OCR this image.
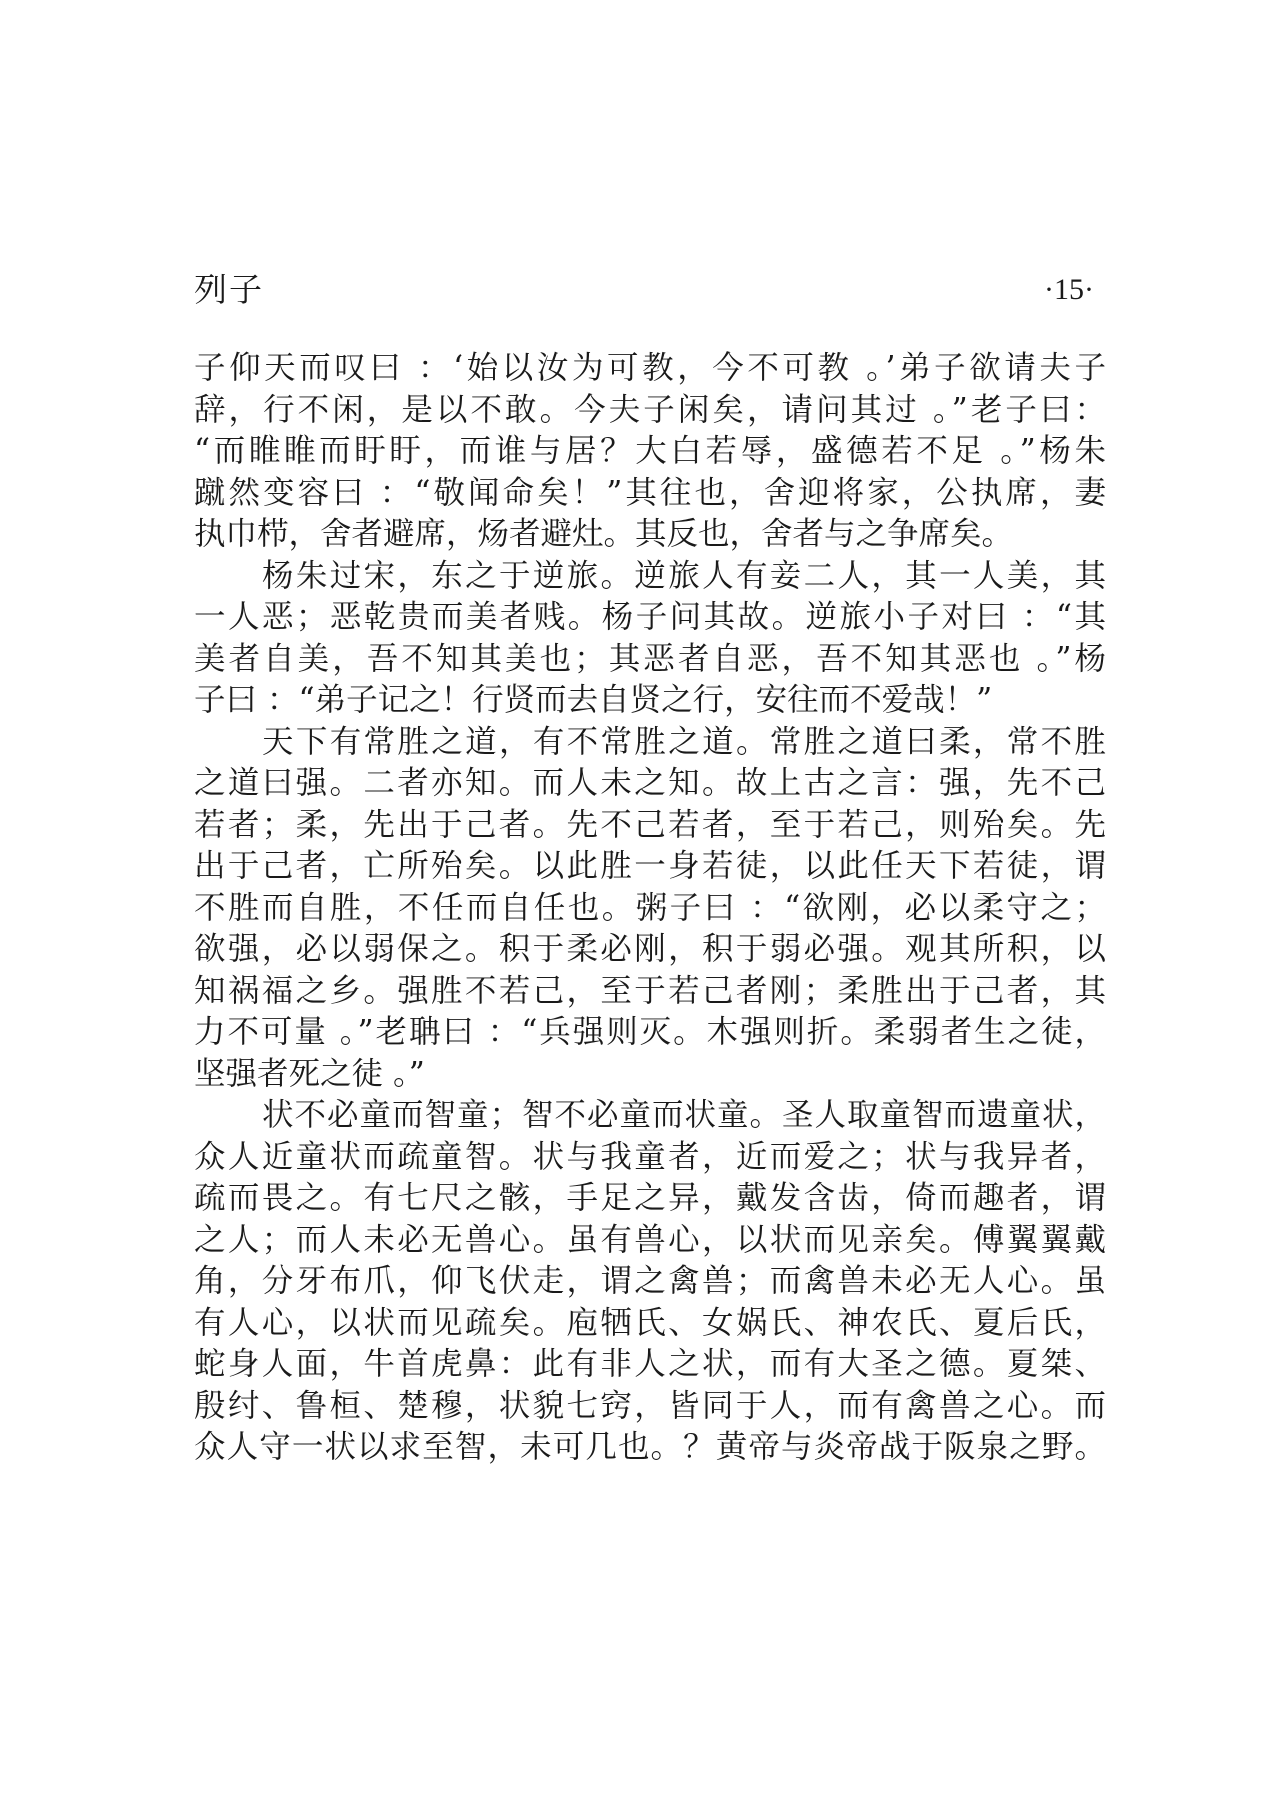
列子	·15·
子仰天而叹曰 ：‘始以汝为可教，今不可教 。’弟子欲请夫子
辞，行不闲，是以不敢。今夫子闲矣，请问其过 。”老子曰：
“而睢睢而盱盱，而谁与居？大白若辱，盛德若不足 。”杨朱
蹴然变容曰 ：“敬闻命矣！”其往也，舍迎将家，公执席，妻
执巾栉，舍者避席，炀者避灶。其反也，舍者与之争席矣。
杨朱过宋，东之于逆旅。逆旅人有妾二人，其一人美，其
一人恶；恶乾贵而美者贱。杨子问其故。逆旅小子对曰 ：“其
美者自美，吾不知其美也；其恶者自恶，吾不知其恶也 。”杨
子曰 ：“弟子记之！行贤而去自贤之行，安往而不爱哉！”
天下有常胜之道，有不常胜之道。常胜之道曰柔，常不胜
之道曰强。二者亦知。而人未之知。故上古之言：强，先不己
若者；柔，先出于己者。先不己若者，至于若己，则殆矣。先
出于己者，亡所殆矣。以此胜一身若徒，以此任天下若徒，谓
不胜而自胜，不任而自任也。粥子曰 ：“欲刚，必以柔守之；
欲强，必以弱保之。积于柔必刚，积于弱必强。观其所积，以
知祸福之乡。强胜不若己，至于若己者刚；柔胜出于己者，其
力不可量 。”老聃曰 ：“兵强则灭。木强则折。柔弱者生之徒，
坚强者死之徒 。”
状不必童而智童；智不必童而状童。圣人取童智而遗童状，
众人近童状而疏童智。状与我童者，近而爱之；状与我异者，
疏而畏之。有七尺之骸，手足之异，戴发含齿，倚而趣者，谓
之人；而人未必无兽心。虽有兽心，以状而见亲矣。傅翼翼戴
角，分牙布爪，仰飞伏走，谓之禽兽；而禽兽未必无人心。虽
有人心，以状而见疏矣。庖牺氏、女娲氏、神农氏、夏后氏，
蛇身人面，牛首虎鼻：此有非人之状，而有大圣之德。夏桀、
殷纣、鲁桓、楚穆，状貌七窍，皆同于人，而有禽兽之心。而
众人守一状以求至智，未可几也。？黄帝与炎帝战于阪泉之野。
